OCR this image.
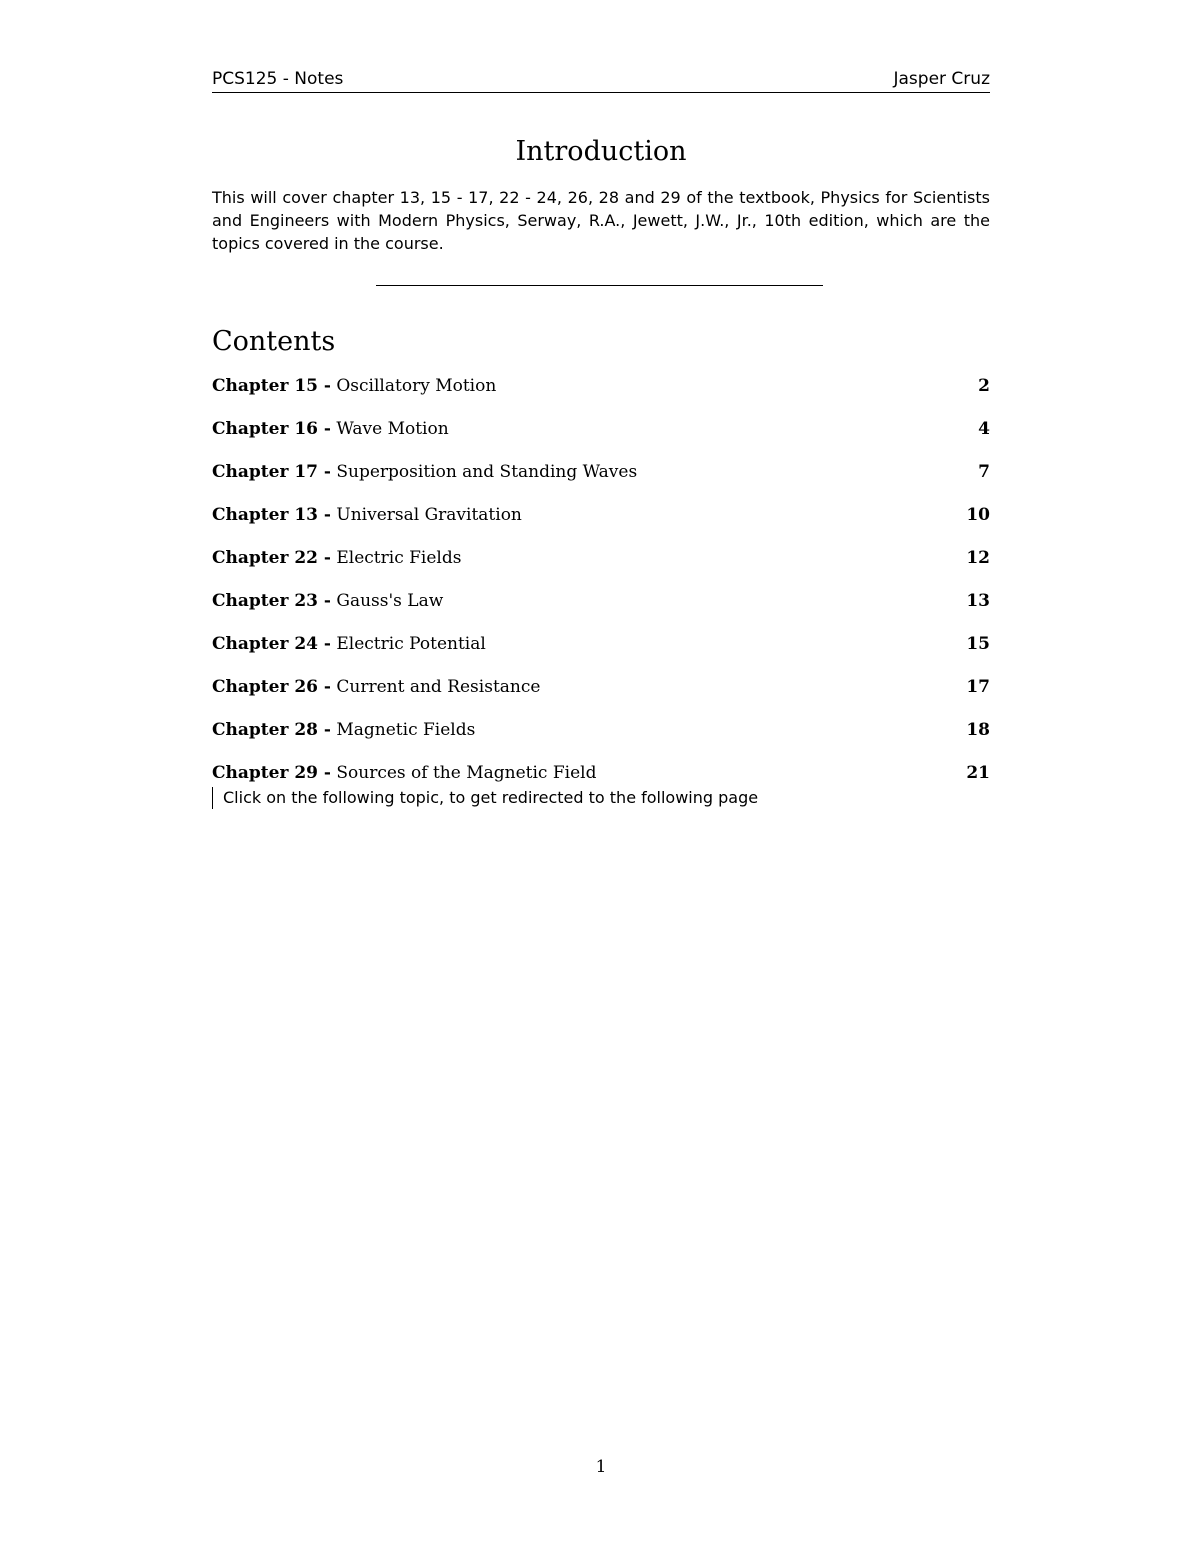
PCS125 - Notes	Jasper Cruz
Introduction
This will cover chapter 13, 15 - 17, 22 - 24, 26, 28 and 29 of the textbook, Physics for Scientists and Engineers with Modern Physics, Serway, R.A., Jewett, J.W., Jr., 10th edition, which are the topics covered in the course.
Contents
Chapter 15 - Oscillatory Motion	2
Chapter 16 - Wave Motion	4
Chapter 17 - Superposition and Standing Waves	7
Chapter 13 - Universal Gravitation	10
Chapter 22 - Electric Fields	12
Chapter 23 - Gauss's Law	13
Chapter 24 - Electric Potential	15
Chapter 26 - Current and Resistance	17
Chapter 28 - Magnetic Fields	18
Chapter 29 - Sources of the Magnetic Field	21
Click on the following topic, to get redirected to the following page
1
